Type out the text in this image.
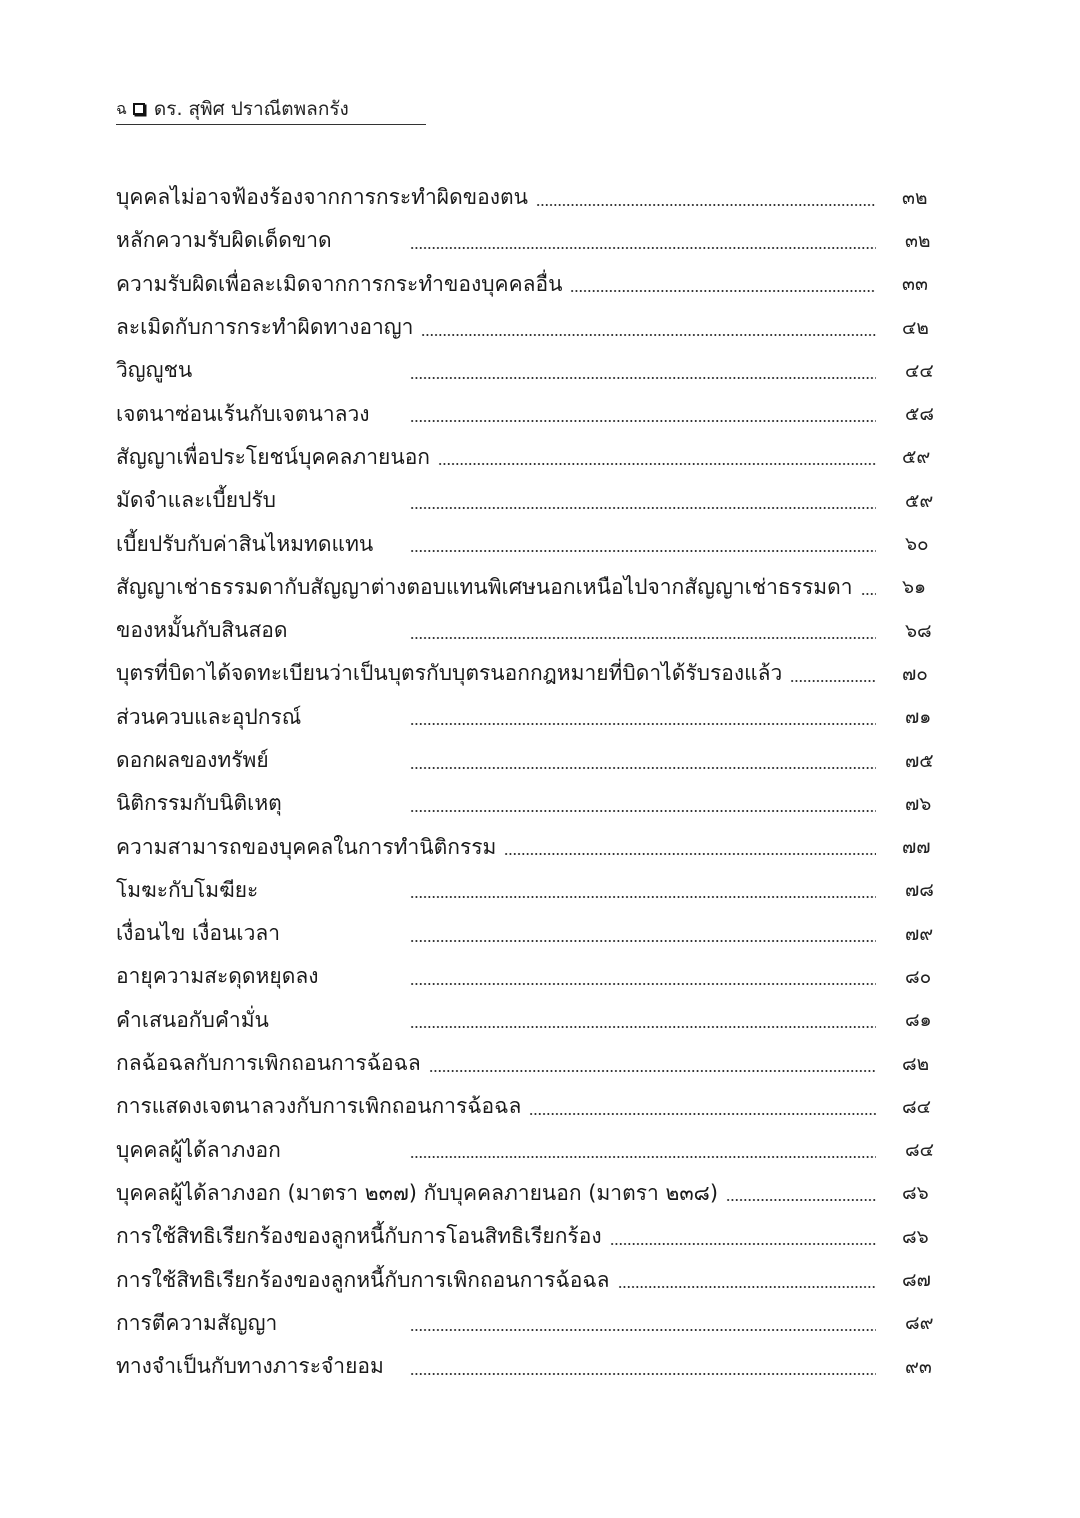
ฉ ดร. สุพิศ ปราณีตพลกรัง
บุคคลไม่อาจฟ้องร้องจากการกระทำผิดของตน	๓๒
หลักความรับผิดเด็ดขาด	๓๒
ความรับผิดเพื่อละเมิดจากการกระทำของบุคคลอื่น	๓๓
ละเมิดกับการกระทำผิดทางอาญา	๔๒
วิญญูชน	๔๔
เจตนาซ่อนเร้นกับเจตนาลวง	๕๘
สัญญาเพื่อประโยชน์บุคคลภายนอก	๕๙
มัดจำและเบี้ยปรับ	๕๙
เบี้ยปรับกับค่าสินไหมทดแทน	๖๐
สัญญาเช่าธรรมดากับสัญญาต่างตอบแทนพิเศษนอกเหนือไปจากสัญญาเช่าธรรมดา	๖๑
ของหมั้นกับสินสอด	๖๘
บุตรที่บิดาได้จดทะเบียนว่าเป็นบุตรกับบุตรนอกกฎหมายที่บิดาได้รับรองแล้ว	๗๐
ส่วนควบและอุปกรณ์	๗๑
ดอกผลของทรัพย์	๗๕
นิติกรรมกับนิติเหตุ	๗๖
ความสามารถของบุคคลในการทำนิติกรรม	๗๗
โมฆะกับโมฆียะ	๗๘
เงื่อนไข เงื่อนเวลา	๗๙
อายุความสะดุดหยุดลง	๘๐
คำเสนอกับคำมั่น	๘๑
กลฉ้อฉลกับการเพิกถอนการฉ้อฉล	๘๒
การแสดงเจตนาลวงกับการเพิกถอนการฉ้อฉล	๘๔
บุคคลผู้ได้ลาภงอก	๘๔
บุคคลผู้ได้ลาภงอก (มาตรา ๒๓๗) กับบุคคลภายนอก (มาตรา ๒๓๘)	๘๖
การใช้สิทธิเรียกร้องของลูกหนี้กับการโอนสิทธิเรียกร้อง	๘๖
การใช้สิทธิเรียกร้องของลูกหนี้กับการเพิกถอนการฉ้อฉล	๘๗
การตีความสัญญา	๘๙
ทางจำเป็นกับทางภาระจำยอม	๙๓
